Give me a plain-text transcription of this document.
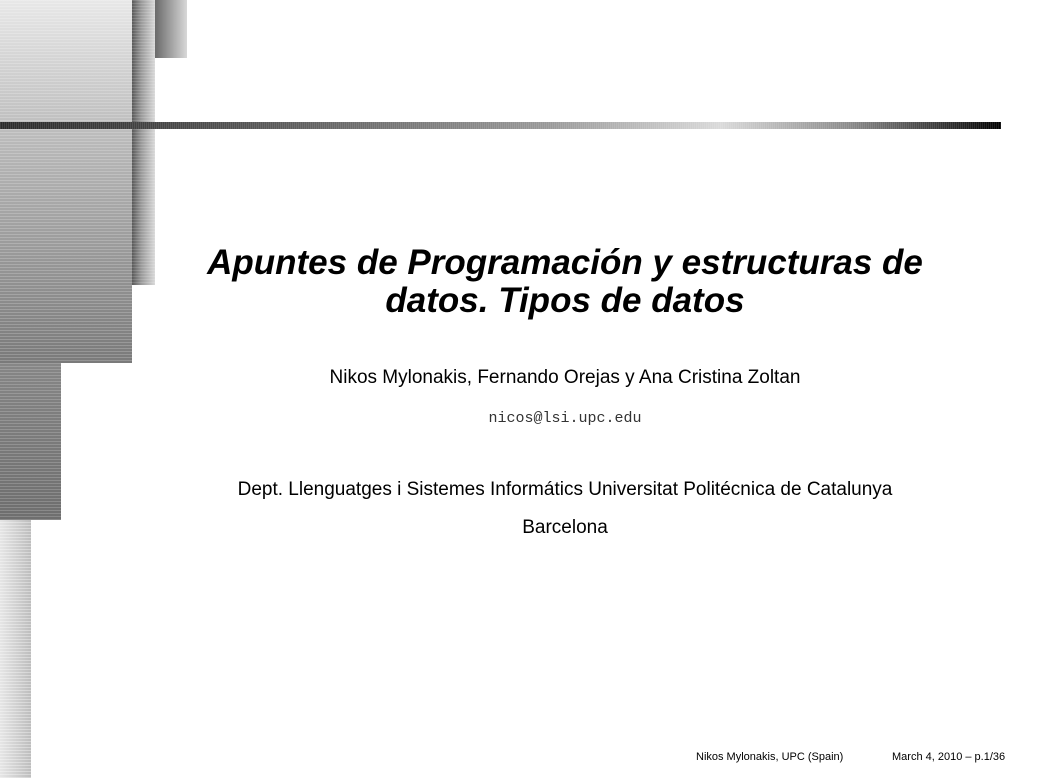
Apuntes de Programación y estructuras de
datos. Tipos de datos
Nikos Mylonakis, Fernando Orejas y Ana Cristina Zoltan
nicos@lsi.upc.edu
Dept. Llenguatges i Sistemes Informátics Universitat Politécnica de Catalunya
Barcelona
Nikos Mylonakis, UPC (Spain)	March 4, 2010 – p.1/36
